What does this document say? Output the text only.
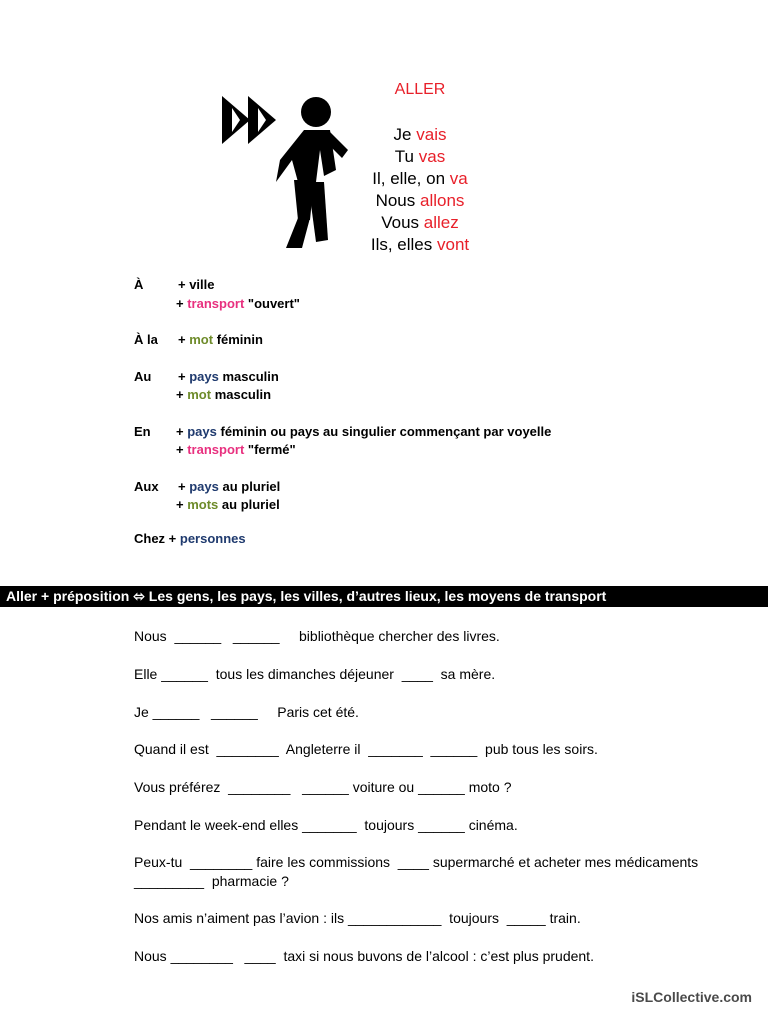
ALLER
Je vais
Tu vas
Il, elle, on va
Nous allons
Vous allez
Ils, elles vont
À	+ ville
+ transport "ouvert"
À la + mot féminin
Au + pays masculin
+ mot masculin
En + pays féminin ou pays au singulier commençant par voyelle
+ transport "fermé"
Aux + pays au pluriel
+ mots au pluriel
Chez + personnes
Aller + préposition ⬄ Les gens, les pays, les villes, d’autres lieux, les moyens de transport
Nous  ______   ______     bibliothèque chercher des livres.
Elle ______  tous les dimanches déjeuner  ____  sa mère.
Je ______   ______     Paris cet été.
Quand il est  ________  Angleterre il  _______  ______  pub tous les soirs.
Vous préférez  ________   ______ voiture ou ______ moto ?
Pendant le week-end elles _______  toujours ______ cinéma.
Peux-tu  ________ faire les commissions  ____ supermarché et acheter mes médicaments
_________  pharmacie ?
Nos amis n’aiment pas l’avion : ils ____________  toujours  _____ train.
Nous ________   ____  taxi si nous buvons de l’alcool : c’est plus prudent.
iSLCollective.com
